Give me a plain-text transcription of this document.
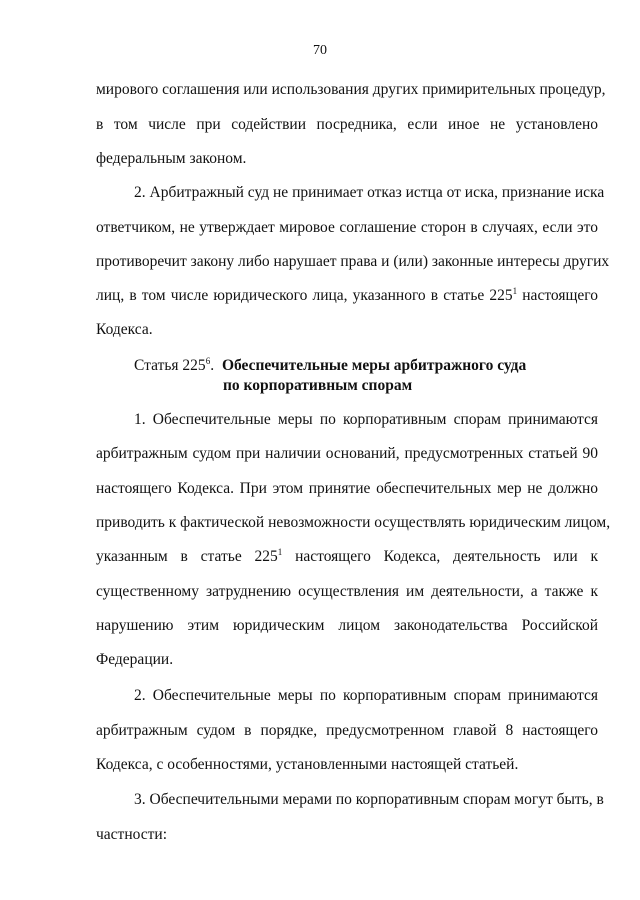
70
мирового соглашения или использования других примирительных процедур,
в том числе при содействии посредника, если иное не установлено
федеральным законом.
2. Арбитражный суд не принимает отказ истца от иска, признание иска
ответчиком, не утверждает мировое соглашение сторон в случаях, если это
противоречит закону либо нарушает права и (или) законные интересы других
лиц, в том числе юридического лица, указанного в статье $225^1$ настоящего
Кодекса.
Статья $225^6$. Обеспечительные меры арбитражного суда
по корпоративным спорам
1. Обеспечительные меры по корпоративным спорам принимаются
арбитражным судом при наличии оснований, предусмотренных статьей 90
настоящего Кодекса. При этом принятие обеспечительных мер не должно
приводить к фактической невозможности осуществлять юридическим лицом,
указанным в статье $225^1$ настоящего Кодекса, деятельность или к
существенному затруднению осуществления им деятельности, а также к
нарушению этим юридическим лицом законодательства Российской
Федерации.
2. Обеспечительные меры по корпоративным спорам принимаются
арбитражным судом в порядке, предусмотренном главой 8 настоящего
Кодекса, с особенностями, установленными настоящей статьей.
3. Обеспечительными мерами по корпоративным спорам могут быть, в
частности:
